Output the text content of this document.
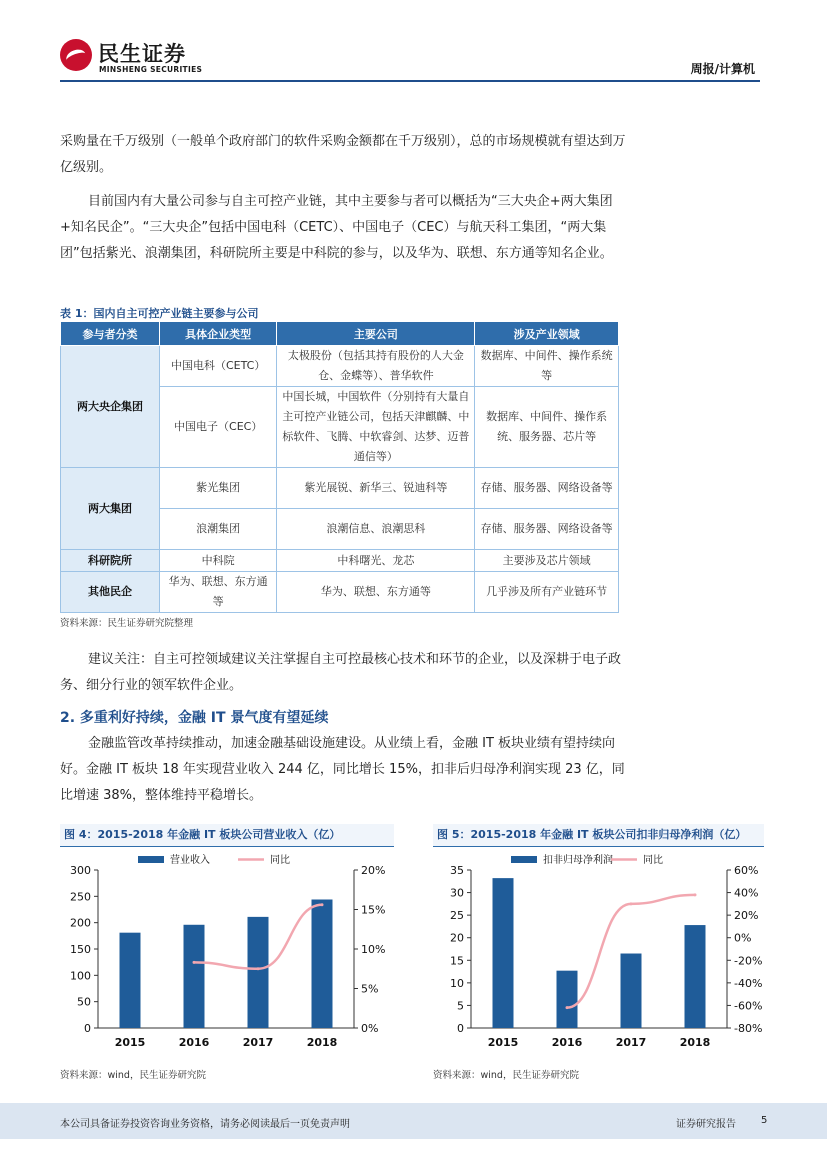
民生证券
MINSHENG SECURITIES	周报/计算机
采购量在千万级别（一般单个政府部门的软件采购金额都在千万级别），总的市场规模就有望达到万亿级别。
目前国内有大量公司参与自主可控产业链，其中主要参与者可以概括为“三大央企+两大集团+知名民企”。“三大央企”包括中国电科（CETC）、中国电子（CEC）与航天科工集团，“两大集团”包括紫光、浪潮集团，科研院所主要是中科院的参与，以及华为、联想、东方通等知名企业。
表 1：国内自主可控产业链主要参与公司
参与者分类	具体企业类型	主要公司	涉及产业领域
两大央企集团	中国电科（CETC）	太极股份（包括其持有股份的人大金仓、金蝶等）、普华软件	数据库、中间件、操作系统等
	中国电子（CEC）	中国长城，中国软件（分别持有大量自主可控产业链公司，包括天津麒麟、中标软件、飞腾、中软睿剑、达梦、迈普通信等）	数据库、中间件、操作系统、服务器、芯片等
两大集团	紫光集团	紫光展锐、新华三、锐迪科等	存储、服务器、网络设备等
	浪潮集团	浪潮信息、浪潮思科	存储、服务器、网络设备等
科研院所	中科院	中科曙光、龙芯	主要涉及芯片领域
其他民企	华为、联想、东方通等	华为、联想、东方通等	几乎涉及所有产业链环节
资料来源：民生证券研究院整理
建议关注：自主可控领域建议关注掌握自主可控最核心技术和环节的企业，以及深耕于电子政务、细分行业的领军软件企业。
2. 多重利好持续，金融 IT 景气度有望延续
金融监管改革持续推动，加速金融基础设施建设。从业绩上看，金融 IT 板块业绩有望持续向好。金融 IT 板块 18 年实现营业收入 244 亿，同比增长 15%，扣非后归母净利润实现 23 亿，同比增速 38%，整体维持平稳增长。
图 4：2015-2018 年金融 IT 板块公司营业收入（亿）
0
50
100
150
200
250
300
0%
5%
10%
15%
20%
2015	2016	2017	2018
营业收入	同比
资料来源：wind，民生证券研究院
图 5：2015-2018 年金融 IT 板块公司扣非归母净利润（亿）
0
5
10
15
20
25
30
35
-80%
-60%
-40%
-20%
0%
20%
40%
60%
2015	2016	2017	2018
扣非归母净利润	同比
资料来源：wind，民生证券研究院
本公司具备证券投资咨询业务资格，请务必阅读最后一页免责声明	证券研究报告	5
